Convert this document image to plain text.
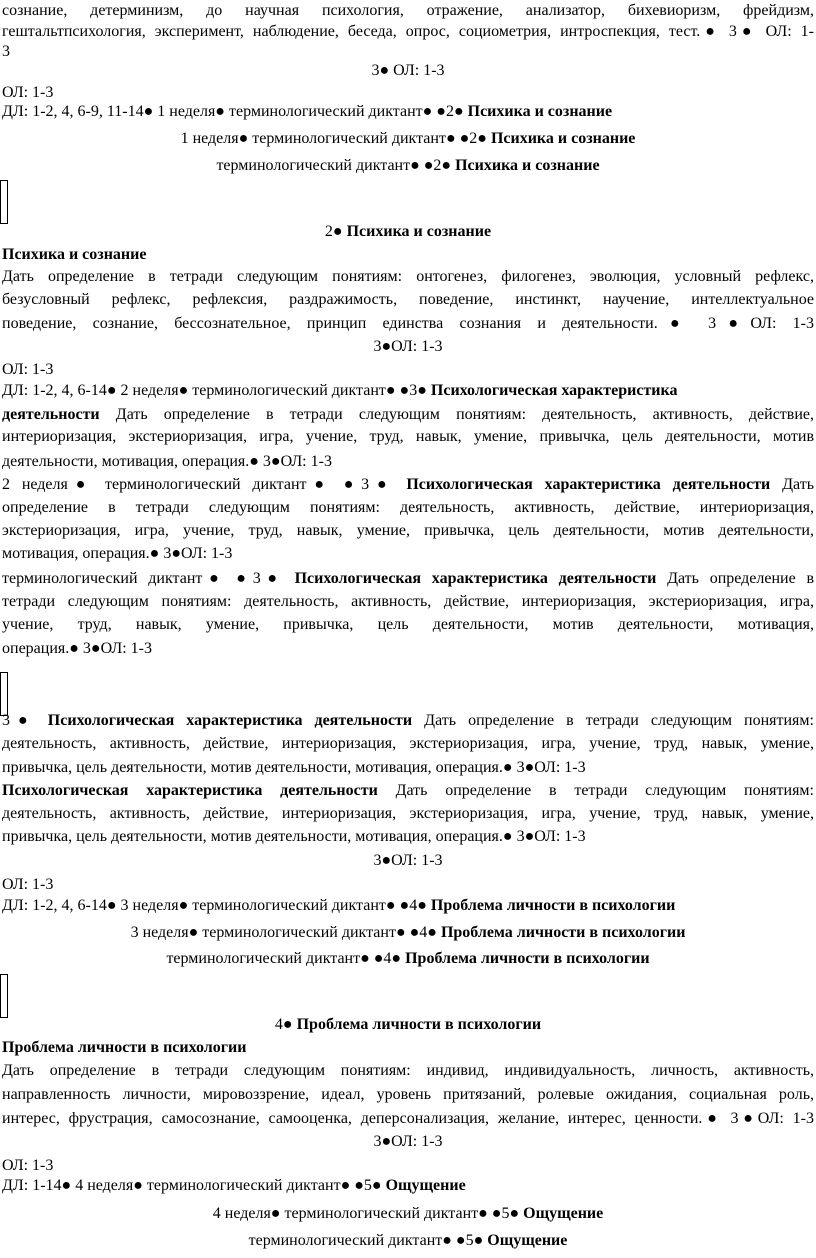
сознание, детерминизм, до научная психология, отражение, анализатор, бихевиоризм, фрейдизм,
гештальтпсихология, эксперимент, наблюдение, беседа, опрос, социометрия, интроспекция, тест.● 3● ОЛ: 1-
3
3● ОЛ: 1-3
ОЛ: 1-3
ДЛ: 1-2, 4, 6-9, 11-14● 1 неделя● терминологический диктант● ●2● Психика и сознание
1 неделя● терминологический диктант● ●2● Психика и сознание
терминологический диктант● ●2● Психика и сознание
2● Психика и сознание
Психика и сознание
Дать определение в тетради следующим понятиям: онтогенез, филогенез, эволюция, условный рефлекс,
безусловный рефлекс, рефлексия, раздражимость, поведение, инстинкт, научение, интеллектуальное
поведение, сознание, бессознательное, принцип единства сознания и деятельности.● 3●ОЛ: 1-3
3●ОЛ: 1-3
ОЛ: 1-3
ДЛ: 1-2, 4, 6-14● 2 неделя● терминологический диктант● ●3● Психологическая характеристика
деятельности Дать определение в тетради следующим понятиям: деятельность, активность, действие,
интериоризация, экстериоризация, игра, учение, труд, навык, умение, привычка, цель деятельности, мотив
деятельности, мотивация, операция.● 3●ОЛ: 1-3
2 неделя● терминологический диктант● ●3● Психологическая характеристика деятельности Дать
определение в тетради следующим понятиям: деятельность, активность, действие, интериоризация,
экстериоризация, игра, учение, труд, навык, умение, привычка, цель деятельности, мотив деятельности,
мотивация, операция.● 3●ОЛ: 1-3
терминологический диктант● ●3● Психологическая характеристика деятельности Дать определение в
тетради следующим понятиям: деятельность, активность, действие, интериоризация, экстериоризация, игра,
учение, труд, навык, умение, привычка, цель деятельности, мотив деятельности, мотивация,
операция.● 3●ОЛ: 1-3
3● Психологическая характеристика деятельности Дать определение в тетради следующим понятиям:
деятельность, активность, действие, интериоризация, экстериоризация, игра, учение, труд, навык, умение,
привычка, цель деятельности, мотив деятельности, мотивация, операция.● 3●ОЛ: 1-3
Психологическая характеристика деятельности Дать определение в тетради следующим понятиям:
деятельность, активность, действие, интериоризация, экстериоризация, игра, учение, труд, навык, умение,
привычка, цель деятельности, мотив деятельности, мотивация, операция.● 3●ОЛ: 1-3
3●ОЛ: 1-3
ОЛ: 1-3
ДЛ: 1-2, 4, 6-14● 3 неделя● терминологический диктант● ●4● Проблема личности в психологии
3 неделя● терминологический диктант● ●4● Проблема личности в психологии
терминологический диктант● ●4● Проблема личности в психологии
4● Проблема личности в психологии
Проблема личности в психологии
Дать определение в тетради следующим понятиям: индивид, индивидуальность, личность, активность,
направленность личности, мировоззрение, идеал, уровень притязаний, ролевые ожидания, социальная роль,
интерес, фрустрация, самосознание, самооценка, деперсонализация, желание, интерес, ценности.● 3●ОЛ: 1-3
3●ОЛ: 1-3
ОЛ: 1-3
ДЛ: 1-14● 4 неделя● терминологический диктант● ●5● Ощущение
4 неделя● терминологический диктант● ●5● Ощущение
терминологический диктант● ●5● Ощущение
